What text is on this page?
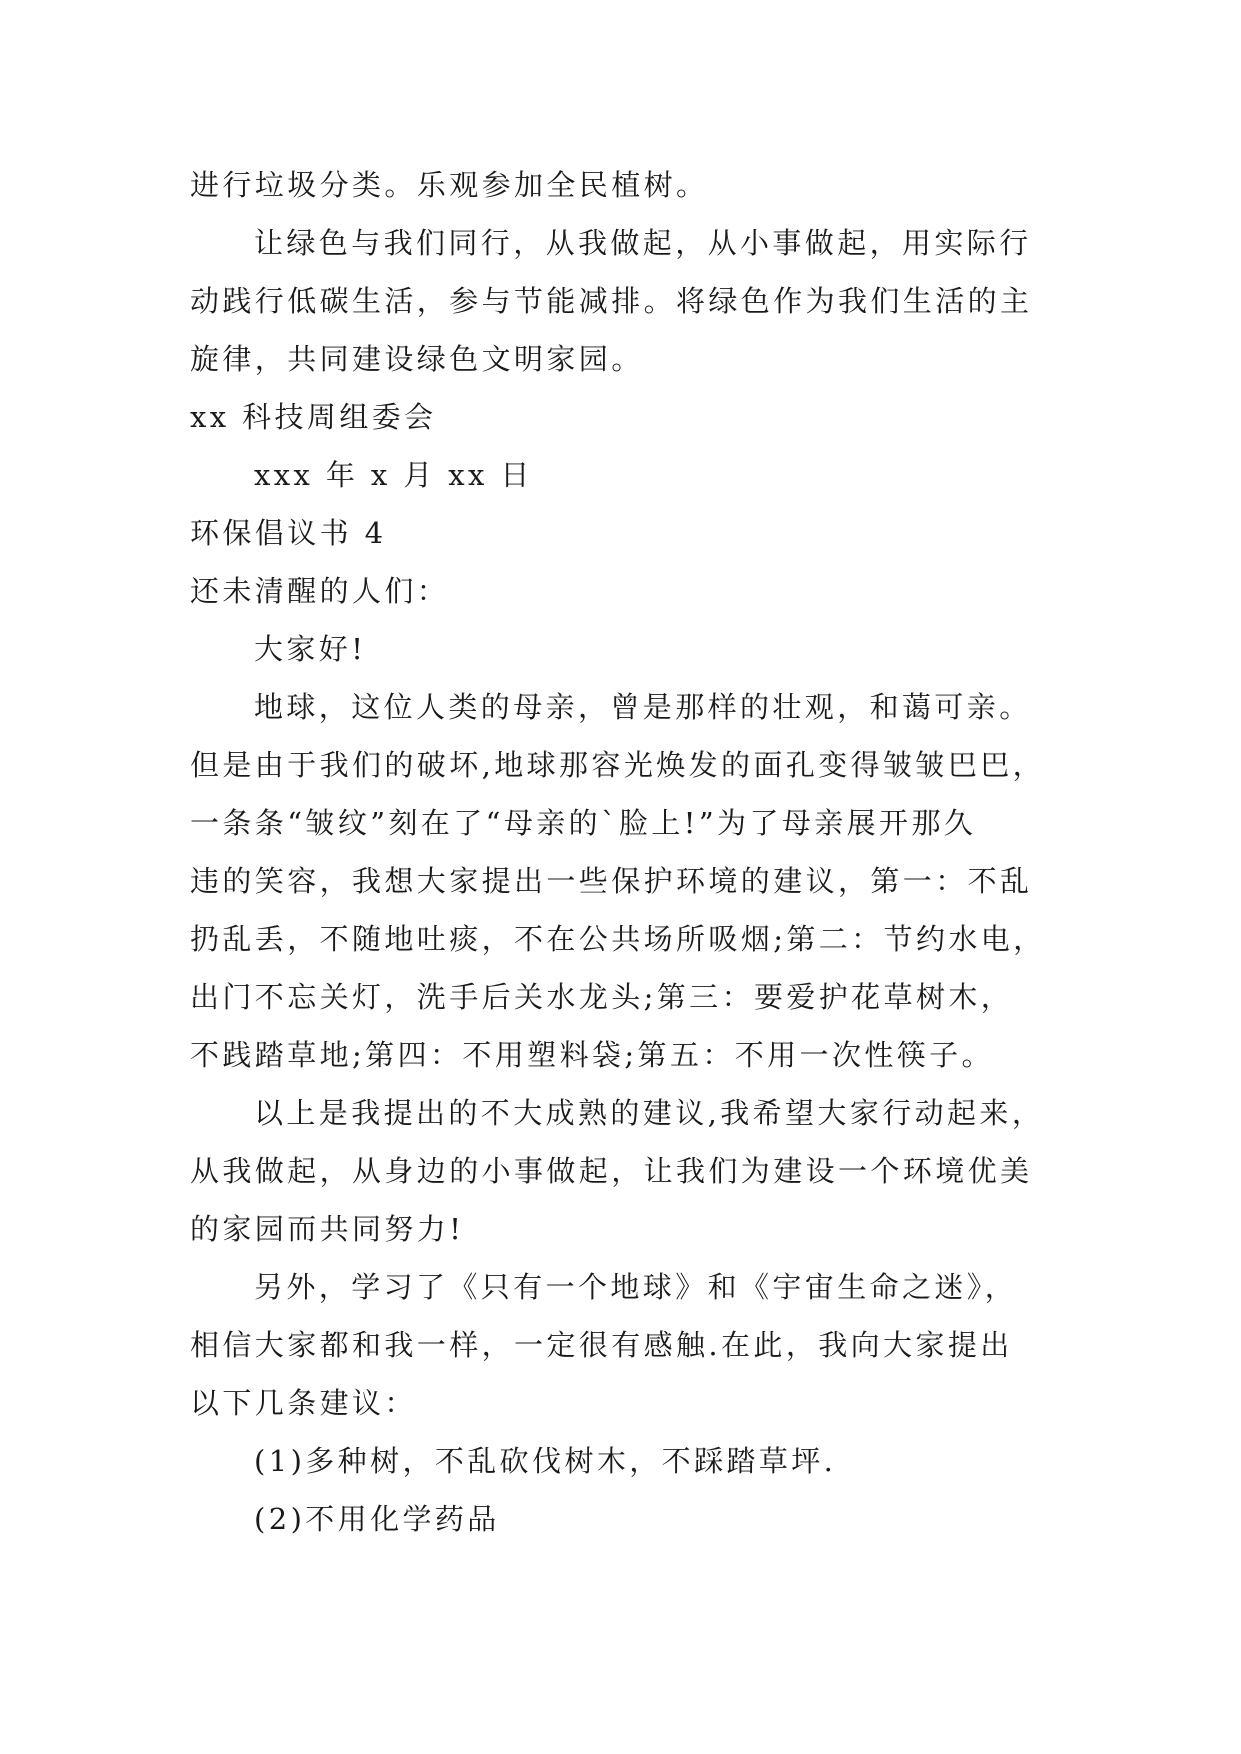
进行垃圾分类。乐观参加全民植树。
让绿色与我们同行，从我做起，从小事做起，用实际行
动践行低碳生活，参与节能减排。将绿色作为我们生活的主
旋律，共同建设绿色文明家园。
xx 科技周组委会
xxx 年 x 月 xx 日
环保倡议书 4
还未清醒的人们：
大家好!
地球，这位人类的母亲，曾是那样的壮观，和蔼可亲。
但是由于我们的破坏,地球那容光焕发的面孔变得皱皱巴巴，
一条条“皱纹”刻在了“母亲的`脸上!”为了母亲展开那久
违的笑容，我想大家提出一些保护环境的建议，第一：不乱
扔乱丢，不随地吐痰，不在公共场所吸烟;第二：节约水电，
出门不忘关灯，洗手后关水龙头;第三：要爱护花草树木，
不践踏草地;第四：不用塑料袋;第五：不用一次性筷子。
以上是我提出的不大成熟的建议,我希望大家行动起来，
从我做起，从身边的小事做起，让我们为建设一个环境优美
的家园而共同努力!
另外，学习了《只有一个地球》和《宇宙生命之迷》，
相信大家都和我一样，一定很有感触.在此，我向大家提出
以下几条建议：
(1)多种树，不乱砍伐树木，不踩踏草坪.
(2)不用化学药品
